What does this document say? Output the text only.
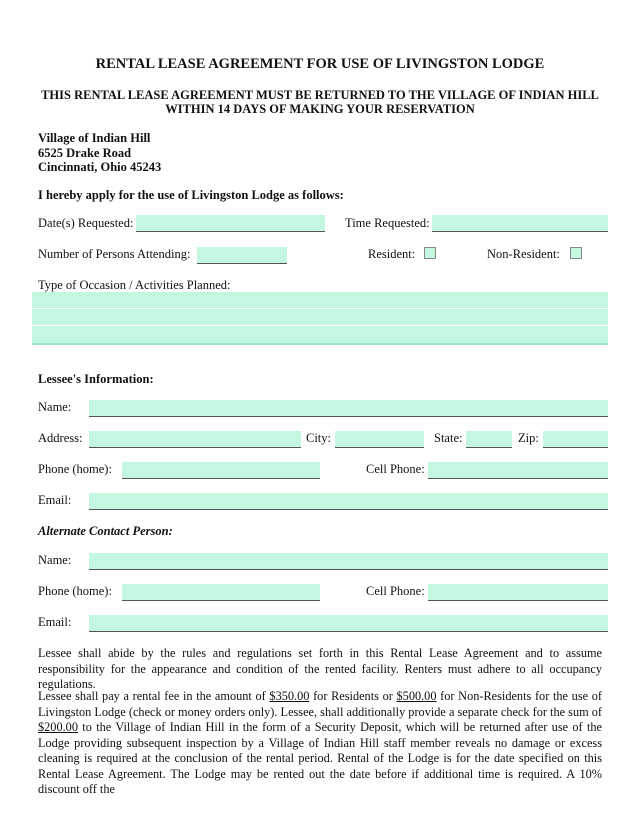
RENTAL LEASE AGREEMENT FOR USE OF LIVINGSTON LODGE
THIS RENTAL LEASE AGREEMENT MUST BE RETURNED TO THE VILLAGE OF INDIAN HILL WITHIN 14 DAYS OF MAKING YOUR RESERVATION
Village of Indian Hill
6525 Drake Road
Cincinnati, Ohio 45243
I hereby apply for the use of Livingston Lodge as follows:
Date(s) Requested:	Time Requested:
Number of Persons Attending:	Resident:	Non-Resident:
Type of Occasion / Activities Planned:
Lessee's Information:
Name:
Address:	City:	State:	Zip:
Phone (home):	Cell Phone:
Email:
Alternate Contact Person:
Name:
Phone (home):	Cell Phone:
Email:
Lessee shall abide by the rules and regulations set forth in this Rental Lease Agreement and to assume responsibility for the appearance and condition of the rented facility. Renters must adhere to all occupancy regulations.
Lessee shall pay a rental fee in the amount of $350.00 for Residents or $500.00 for Non-Residents for the use of Livingston Lodge (check or money orders only). Lessee, shall additionally provide a separate check for the sum of $200.00 to the Village of Indian Hill in the form of a Security Deposit, which will be returned after use of the Lodge providing subsequent inspection by a Village of Indian Hill staff member reveals no damage or excess cleaning is required at the conclusion of the rental period. Rental of the Lodge is for the date specified on this Rental Lease Agreement. The Lodge may be rented out the date before if additional time is required. A 10% discount off the
